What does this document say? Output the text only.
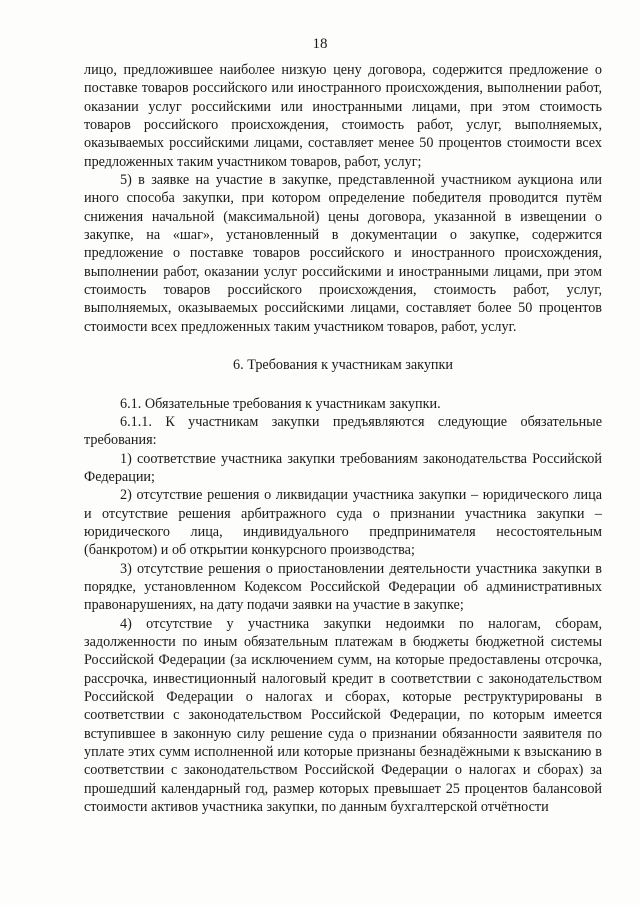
18

лицо, предложившее наиболее низкую цену договора, содержится предложение о поставке товаров российского или иностранного происхождения, выполнении работ, оказании услуг российскими или иностранными лицами, при этом стоимость товаров российского происхождения, стоимость работ, услуг, выполняемых, оказываемых российскими лицами, составляет менее 50 процентов стоимости всех предложенных таким участником товаров, работ, услуг;

5) в заявке на участие в закупке, представленной участником аукциона или иного способа закупки, при котором определение победителя проводится путём снижения начальной (максимальной) цены договора, указанной в извещении о закупке, на «шаг», установленный в документации о закупке, содержится предложение о поставке товаров российского и иностранного происхождения, выполнении работ, оказании услуг российскими и иностранными лицами, при этом стоимость товаров российского происхождения, стоимость работ, услуг, выполняемых, оказываемых российскими лицами, составляет более 50 процентов стоимости всех предложенных таким участником товаров, работ, услуг.

6. Требования к участникам закупки

6.1. Обязательные требования к участникам закупки.

6.1.1. К участникам закупки предъявляются следующие обязательные требования:

1) соответствие участника закупки требованиям законодательства Российской Федерации;

2) отсутствие решения о ликвидации участника закупки – юридического лица и отсутствие решения арбитражного суда о признании участника закупки – юридического лица, индивидуального предпринимателя несостоятельным (банкротом) и об открытии конкурсного производства;

3) отсутствие решения о приостановлении деятельности участника закупки в порядке, установленном Кодексом Российской Федерации об административных правонарушениях, на дату подачи заявки на участие в закупке;

4) отсутствие у участника закупки недоимки по налогам, сборам, задолженности по иным обязательным платежам в бюджеты бюджетной системы Российской Федерации (за исключением сумм, на которые предоставлены отсрочка, рассрочка, инвестиционный налоговый кредит в соответствии с законодательством Российской Федерации о налогах и сборах, которые реструктурированы в соответствии с законодательством Российской Федерации, по которым имеется вступившее в законную силу решение суда о признании обязанности заявителя по уплате этих сумм исполненной или которые признаны безнадёжными к взысканию в соответствии с законодательством Российской Федерации о налогах и сборах) за прошедший календарный год, размер которых превышает 25 процентов балансовой стоимости активов участника закупки, по данным бухгалтерской отчётности
